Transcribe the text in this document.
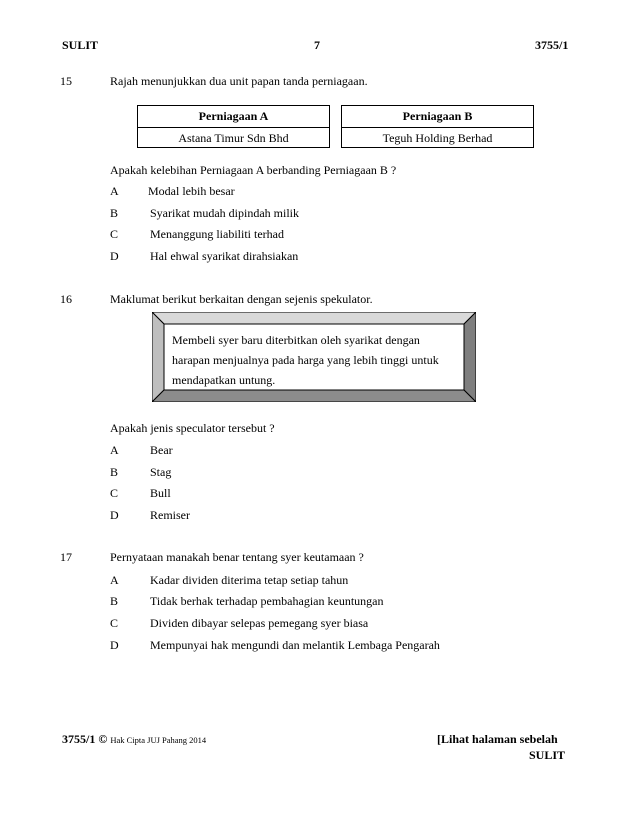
SULIT	7	3755/1
15	Rajah menunjukkan dua unit papan tanda perniagaan.
Perniagaan A
Astana Timur Sdn Bhd
Perniagaan B
Teguh Holding Berhad
Apakah kelebihan Perniagaan A berbanding Perniagaan B ?
A Modal lebih besar
B	Syarikat mudah dipindah milik
C	Menanggung liabiliti terhad
D	Hal ehwal syarikat dirahsiakan
16	Maklumat berikut berkaitan dengan sejenis spekulator.
Membeli syer baru diterbitkan oleh syarikat dengan
harapan menjualnya pada harga yang lebih tinggi untuk
mendapatkan untung.
Apakah jenis speculator tersebut ?
A	Bear
B	Stag
C	Bull
D	Remiser
17	Pernyataan manakah benar tentang syer keutamaan ?
A	Kadar dividen diterima tetap setiap tahun
B	Tidak berhak terhadap pembahagian keuntungan
C	Dividen dibayar selepas pemegang syer biasa
D	Mempunyai hak mengundi dan melantik Lembaga Pengarah
3755/1 © Hak Cipta JUJ Pahang 2014	[Lihat halaman sebelah
SULIT
